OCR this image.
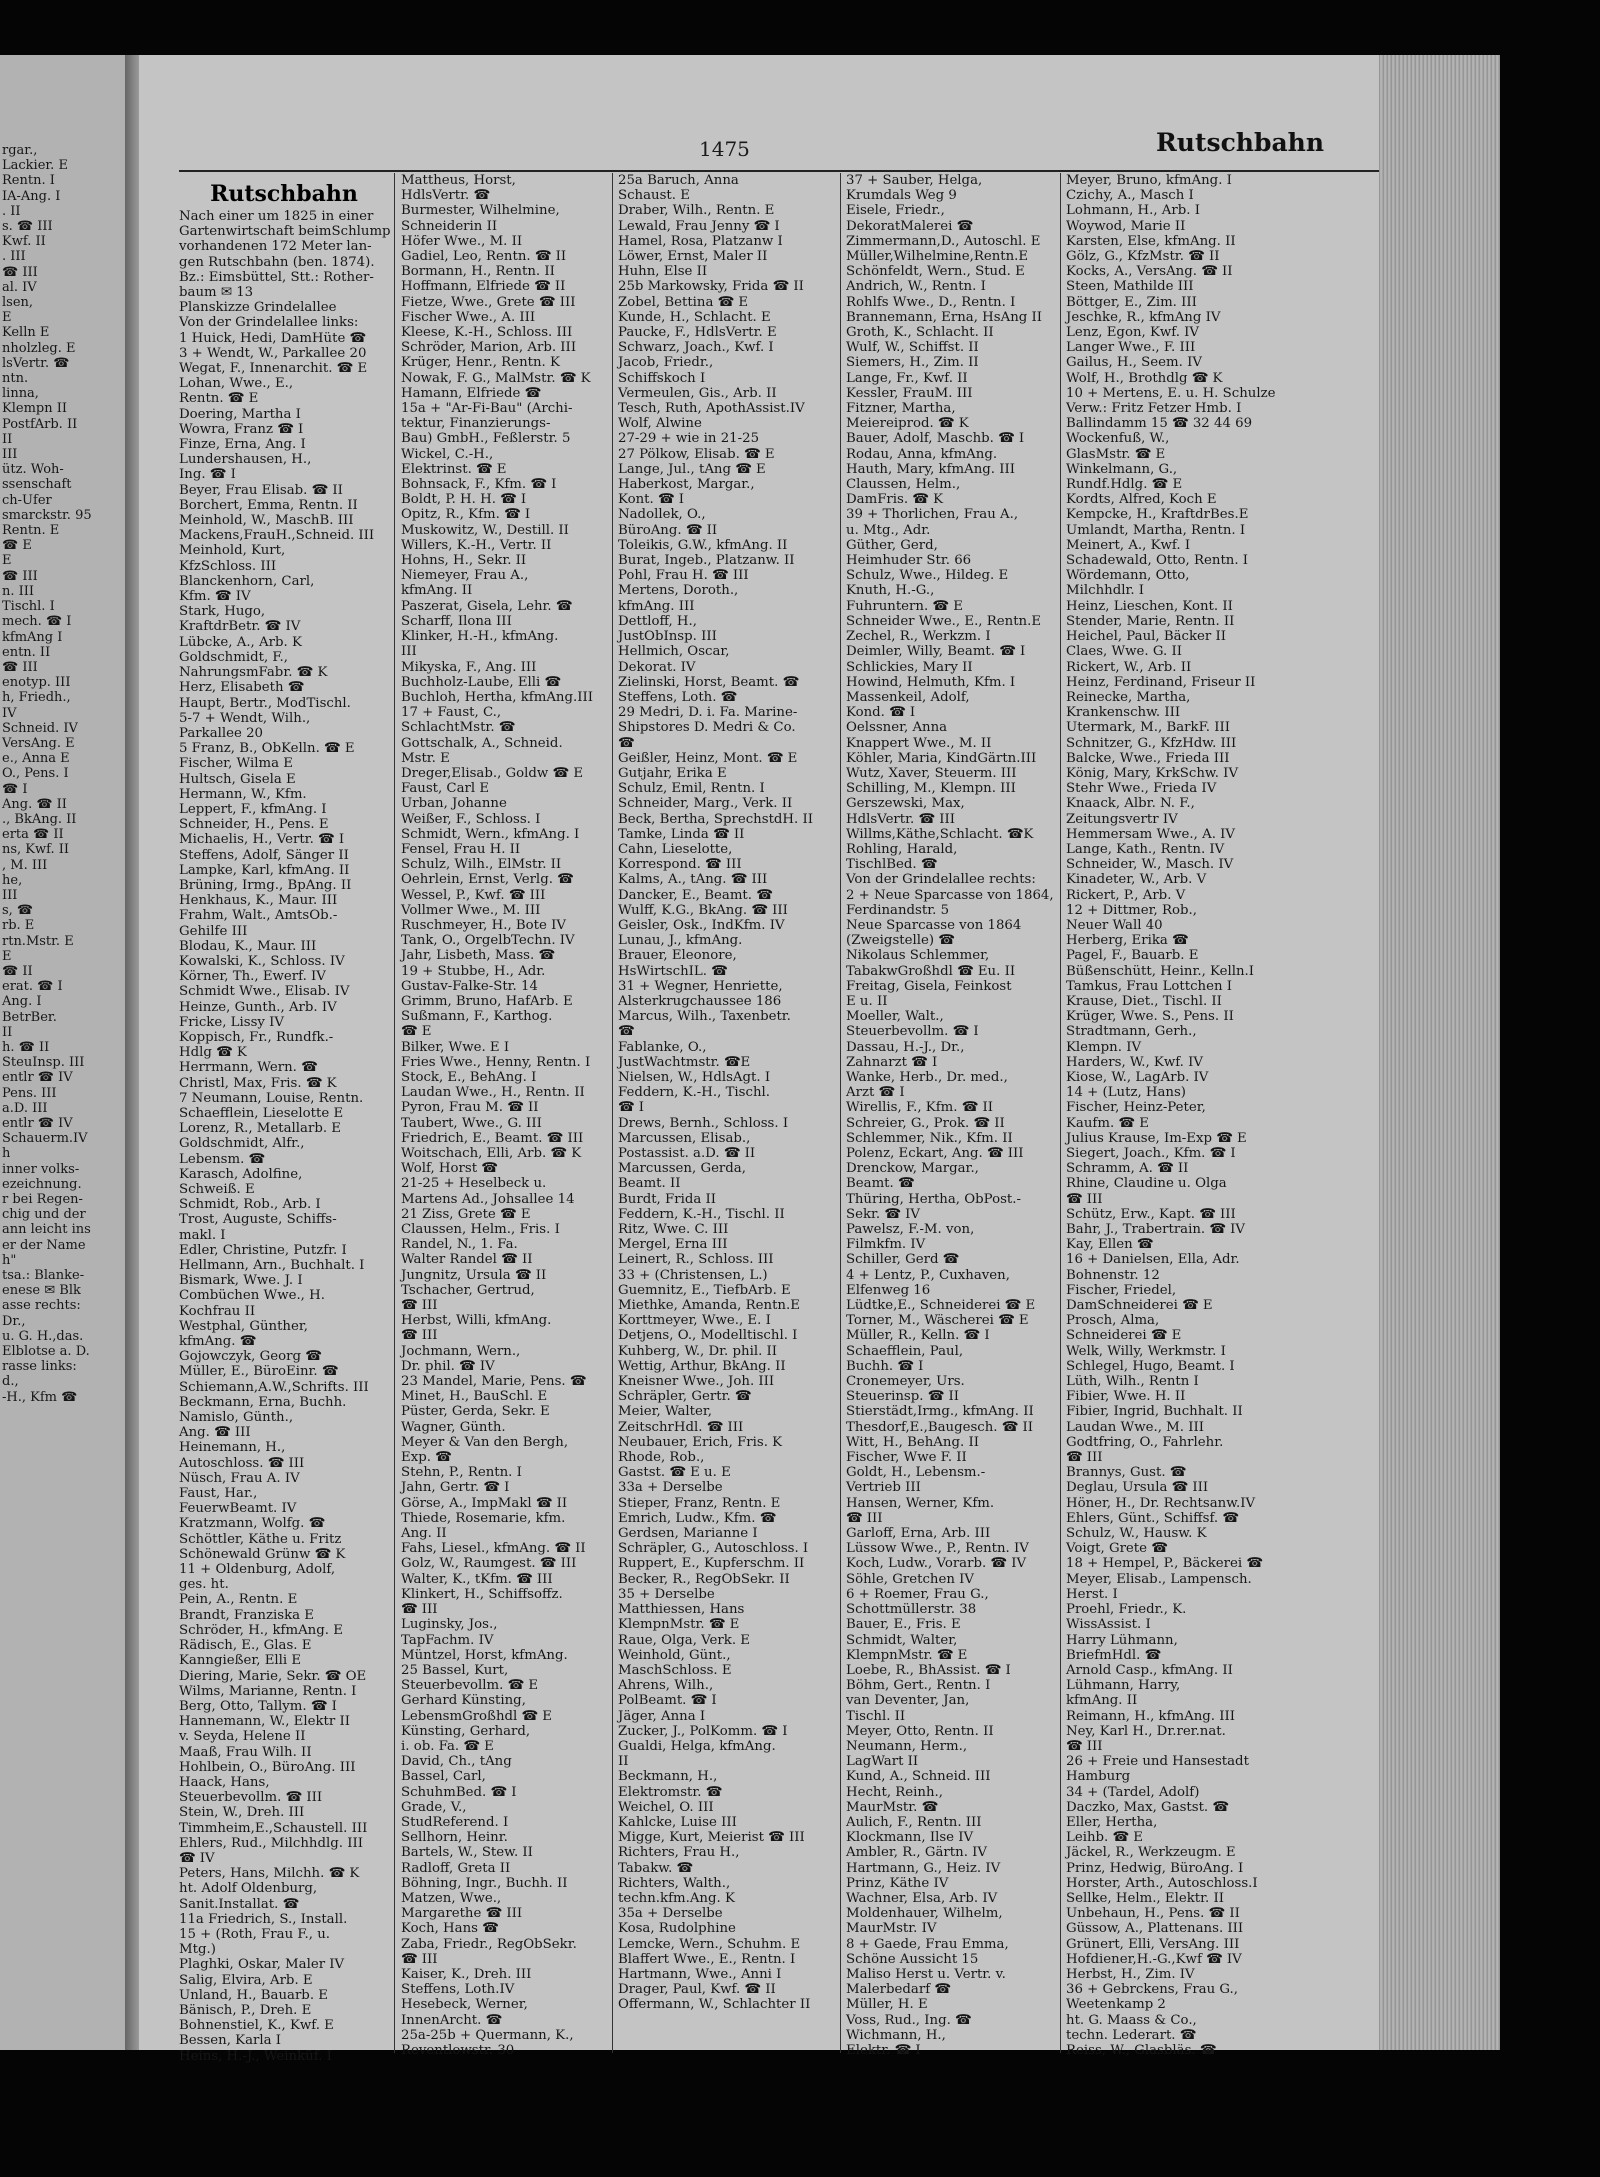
rgar.,
Lackier. E
Rentn. I
IA-Ang. I
. II
s. ☎ III
Kwf. II
. III
☎ III
al. IV
lsen,
E
Kelln E
nholzleg. E
lsVertr. ☎
ntn.
linna,
Klempn II
PostfArb. II
II
III
ütz. Woh-
ssenschaft
ch-Ufer
smarckstr. 95
Rentn. E
☎ E
E
☎ III
n. III
Tischl. I
mech. ☎ I
kfmAng I
entn. II
☎ III
enotyp. III
h, Friedh.,
IV
Schneid. IV
VersAng. E
e., Anna E
O., Pens. I
☎ I
Ang. ☎ II
., BkAng. II
erta ☎ II
ns, Kwf. II
, M. III
he,
III
s, ☎
rb. E
rtn.Mstr. E
E
☎ II
erat. ☎ I
Ang. I
BetrBer.
II
h. ☎ II
SteuInsp. III
entlr ☎ IV
Pens. III
a.D. III
entlr ☎ IV
Schauerm.IV
h
inner volks-
ezeichnung.
r bei Regen-
chig und der
ann leicht ins
er der Name
h"
tsa.: Blanke-
enese ✉ Blk
asse rechts:
Dr.,
u. G. H.,das.
Elblotse a. D.
rasse links:
d.,
-H., Kfm ☎
1475	Rutschbahn
Rutschbahn
Nach einer um 1825 in einer
Gartenwirtschaft beimSchlump
vorhandenen 172 Meter lan-
gen Rutschbahn (ben. 1874).
Bz.: Eimsbüttel, Stt.: Rother-
baum ✉ 13
Planskizze Grindelallee
Von der Grindelallee links:
1 Huick, Hedi, DamHüte ☎
3 + Wendt, W., Parkallee 20
Wegat, F., Innenarchit. ☎ E
Lohan, Wwe., E.,
Rentn. ☎ E
Doering, Martha I
Wowra, Franz ☎ I
Finze, Erna, Ang. I
Lundershausen, H.,
Ing. ☎ I
Beyer, Frau Elisab. ☎ II
Borchert, Emma, Rentn. II
Meinhold, W., MaschB. III
Mackens,FrauH.,Schneid. III
Meinhold, Kurt,
KfzSchloss. III
Blanckenhorn, Carl,
Kfm. ☎ IV
Stark, Hugo,
KraftdrBetr. ☎ IV
Lübcke, A., Arb. K
Goldschmidt, F.,
NahrungsmFabr. ☎ K
Herz, Elisabeth ☎
Haupt, Bertr., ModTischl.
5-7 + Wendt, Wilh.,
Parkallee 20
5 Franz, B., ObKelln. ☎ E
Fischer, Wilma E
Hultsch, Gisela E
Hermann, W., Kfm.
Leppert, F., kfmAng. I
Schneider, H., Pens. E
Michaelis, H., Vertr. ☎ I
Steffens, Adolf, Sänger II
Lampke, Karl, kfmAng. II
Brüning, Irmg., BpAng. II
Henkhaus, K., Maur. III
Frahm, Walt., AmtsOb.-
Gehilfe III
Blodau, K., Maur. III
Kowalski, K., Schloss. IV
Körner, Th., Ewerf. IV
Schmidt Wwe., Elisab. IV
Heinze, Gunth., Arb. IV
Fricke, Lissy IV
Koppisch, Fr., Rundfk.-
Hdlg ☎ K
Herrmann, Wern. ☎
Christl, Max, Fris. ☎ K
7 Neumann, Louise, Rentn.
Schaefflein, Lieselotte E
Lorenz, R., Metallarb. E
Goldschmidt, Alfr.,
Lebensm. ☎
Karasch, Adolfine,
Schweiß. E
Schmidt, Rob., Arb. I
Trost, Auguste, Schiffs-
makl. I
Edler, Christine, Putzfr. I
Hellmann, Arn., Buchhalt. I
Bismark, Wwe. J. I
Combüchen Wwe., H.
Kochfrau II
Westphal, Günther,
kfmAng. ☎
Gojowczyk, Georg ☎
Müller, E., BüroEinr. ☎
Schiemann,A.W.,Schrifts. III
Beckmann, Erna, Buchh.
Namislo, Günth.,
Ang. ☎ III
Heinemann, H.,
Autoschloss. ☎ III
Nüsch, Frau A. IV
Faust, Har.,
FeuerwBeamt. IV
Kratzmann, Wolfg. ☎
Schöttler, Käthe u. Fritz
Schönewald Grünw ☎ K
11 + Oldenburg, Adolf,
ges. ht.
Pein, A., Rentn. E
Brandt, Franziska E
Schröder, H., kfmAng. E
Rädisch, E., Glas. E
Kanngießer, Elli E
Diering, Marie, Sekr. ☎ OE
Wilms, Marianne, Rentn. I
Berg, Otto, Tallym. ☎ I
Hannemann, W., Elektr II
v. Seyda, Helene II
Maaß, Frau Wilh. II
Hohlbein, O., BüroAng. III
Haack, Hans,
Steuerbevollm. ☎ III
Stein, W., Dreh. III
Timmheim,E.,Schaustell. III
Ehlers, Rud., Milchhdlg. III
☎ IV
Peters, Hans, Milchh. ☎ K
ht. Adolf Oldenburg,
Sanit.Installat. ☎
11a Friedrich, S., Install.
15 + (Roth, Frau F., u.
Mtg.)
Plaghki, Oskar, Maler IV
Salig, Elvira, Arb. E
Unland, H., Bauarb. E
Bänisch, P., Dreh. E
Bohnenstiel, K., Kwf. E
Bessen, Karla I
Heins, H.-J., Weinküf. I
Mattheus, Horst,
HdlsVertr. ☎
Burmester, Wilhelmine,
Schneiderin II
Höfer Wwe., M. II
Gadiel, Leo, Rentn. ☎ II
Bormann, H., Rentn. II
Hoffmann, Elfriede ☎ II
Fietze, Wwe., Grete ☎ III
Fischer Wwe., A. III
Kleese, K.-H., Schloss. III
Schröder, Marion, Arb. III
Krüger, Henr., Rentn. K
Nowak, F. G., MalMstr. ☎ K
Hamann, Elfriede ☎
15a + "Ar-Fi-Bau" (Archi-
tektur, Finanzierungs-
Bau) GmbH., Feßlerstr. 5
Wickel, C.-H.,
Elektrinst. ☎ E
Bohnsack, F., Kfm. ☎ I
Boldt, P. H. H. ☎ I
Opitz, R., Kfm. ☎ I
Muskowitz, W., Destill. II
Willers, K.-H., Vertr. II
Hohns, H., Sekr. II
Niemeyer, Frau A.,
kfmAng. II
Paszerat, Gisela, Lehr. ☎
Scharff, Ilona III
Klinker, H.-H., kfmAng.
III
Mikyska, F., Ang. III
Buchholz-Laube, Elli ☎
Buchloh, Hertha, kfmAng.III
17 + Faust, C.,
SchlachtMstr. ☎
Gottschalk, A., Schneid.
Mstr. E
Dreger,Elisab., Goldw ☎ E
Faust, Carl E
Urban, Johanne
Weißer, F., Schloss. I
Schmidt, Wern., kfmAng. I
Fensel, Frau H. II
Schulz, Wilh., ElMstr. II
Oehrlein, Ernst, Verlg. ☎
Wessel, P., Kwf. ☎ III
Vollmer Wwe., M. III
Ruschmeyer, H., Bote IV
Tank, O., OrgelbTechn. IV
Jahr, Lisbeth, Mass. ☎
19 + Stubbe, H., Adr.
Gustav-Falke-Str. 14
Grimm, Bruno, HafArb. E
Sußmann, F., Karthog.
☎ E
Bilker, Wwe. E I
Fries Wwe., Henny, Rentn. I
Stock, E., BehAng. I
Laudan Wwe., H., Rentn. II
Pyron, Frau M. ☎ II
Taubert, Wwe., G. III
Friedrich, E., Beamt. ☎ III
Woitschach, Elli, Arb. ☎ K
Wolf, Horst ☎
21-25 + Heselbeck u.
Martens Ad., Johsallee 14
21 Ziss, Grete ☎ E
Claussen, Helm., Fris. I
Randel, N., 1. Fa.
Walter Randel ☎ II
Jungnitz, Ursula ☎ II
Tschacher, Gertrud,
☎ III
Herbst, Willi, kfmAng.
☎ III
Jochmann, Wern.,
Dr. phil. ☎ IV
23 Mandel, Marie, Pens. ☎
Minet, H., BauSchl. E
Püster, Gerda, Sekr. E
Wagner, Günth.
Meyer & Van den Bergh,
Exp. ☎
Stehn, P., Rentn. I
Jahn, Gertr. ☎ I
Görse, A., ImpMakl ☎ II
Thiede, Rosemarie, kfm.
Ang. II
Fahs, Liesel., kfmAng. ☎ II
Golz, W., Raumgest. ☎ III
Walter, K., tKfm. ☎ III
Klinkert, H., Schiffsoffz.
☎ III
Luginsky, Jos.,
TapFachm. IV
Müntzel, Horst, kfmAng.
25 Bassel, Kurt,
Steuerbevollm. ☎ E
Gerhard Künsting,
LebensmGroßhdl ☎ E
Künsting, Gerhard,
i. ob. Fa. ☎ E
David, Ch., tAng
Bassel, Carl,
SchuhmBed. ☎ I
Grade, V.,
StudReferend. I
Sellhorn, Heinr.
Bartels, W., Stew. II
Radloff, Greta II
Böhning, Ingr., Buchh. II
Matzen, Wwe.,
Margarethe ☎ III
Koch, Hans ☎
Zaba, Friedr., RegObSekr.
☎ III
Kaiser, K., Dreh. III
Steffens, Loth.IV
Hesebeck, Werner,
InnenArcht. ☎
25a-25b + Quermann, K.,
Reventlowstr. 30
25a Baruch, Anna
Schaust. E
Draber, Wilh., Rentn. E
Lewald, Frau Jenny ☎ I
Hamel, Rosa, Platzanw I
Löwer, Ernst, Maler II
Huhn, Else II
25b Markowsky, Frida ☎ II
Zobel, Bettina ☎ E
Kunde, H., Schlacht. E
Paucke, F., HdlsVertr. E
Schwarz, Joach., Kwf. I
Jacob, Friedr.,
Schiffskoch I
Vermeulen, Gis., Arb. II
Tesch, Ruth, ApothAssist.IV
Wolf, Alwine
27-29 + wie in 21-25
27 Pölkow, Elisab. ☎ E
Lange, Jul., tAng ☎ E
Haberkost, Margar.,
Kont. ☎ I
Nadollek, O.,
BüroAng. ☎ II
Toleikis, G.W., kfmAng. II
Burat, Ingeb., Platzanw. II
Pohl, Frau H. ☎ III
Mertens, Doroth.,
kfmAng. III
Dettloff, H.,
JustObInsp. III
Hellmich, Oscar,
Dekorat. IV
Zielinski, Horst, Beamt. ☎
Steffens, Loth. ☎
29 Medri, D. i. Fa. Marine-
Shipstores D. Medri & Co.
☎
Geißler, Heinz, Mont. ☎ E
Gutjahr, Erika E
Schulz, Emil, Rentn. I
Schneider, Marg., Verk. II
Beck, Bertha, SprechstdH. II
Tamke, Linda ☎ II
Cahn, Lieselotte,
Korrespond. ☎ III
Kalms, A., tAng. ☎ III
Dancker, E., Beamt. ☎
Wulff, K.G., BkAng. ☎ III
Geisler, Osk., IndKfm. IV
Lunau, J., kfmAng.
Brauer, Eleonore,
HsWirtschIL. ☎
31 + Wegner, Henriette,
Alsterkrugchaussee 186
Marcus, Wilh., Taxenbetr.
☎
Fablanke, O.,
JustWachtmstr. ☎E
Nielsen, W., HdlsAgt. I
Feddern, K.-H., Tischl.
☎ I
Drews, Bernh., Schloss. I
Marcussen, Elisab.,
Postassist. a.D. ☎ II
Marcussen, Gerda,
Beamt. II
Burdt, Frida II
Feddern, K.-H., Tischl. II
Ritz, Wwe. C. III
Mergel, Erna III
Leinert, R., Schloss. III
33 + (Christensen, L.)
Guemnitz, E., TiefbArb. E
Miethke, Amanda, Rentn.E
Korttmeyer, Wwe., E. I
Detjens, O., Modelltischl. I
Kuhberg, W., Dr. phil. II
Wettig, Arthur, BkAng. II
Kneisner Wwe., Joh. III
Schräpler, Gertr. ☎
Meier, Walter,
ZeitschrHdl. ☎ III
Neubauer, Erich, Fris. K
Rhode, Rob.,
Gastst. ☎ E u. E
33a + Derselbe
Stieper, Franz, Rentn. E
Emrich, Ludw., Kfm. ☎
Gerdsen, Marianne I
Schräpler, G., Autoschloss. I
Ruppert, E., Kupferschm. II
Becker, R., RegObSekr. II
35 + Derselbe
Matthiessen, Hans
KlempnMstr. ☎ E
Raue, Olga, Verk. E
Weinhold, Günt.,
MaschSchloss. E
Ahrens, Wilh.,
PolBeamt. ☎ I
Jäger, Anna I
Zucker, J., PolKomm. ☎ I
Gualdi, Helga, kfmAng.
II
Beckmann, H.,
Elektromstr. ☎
Weichel, O. III
Kahlcke, Luise III
Migge, Kurt, Meierist ☎ III
Richters, Frau H.,
Tabakw. ☎
Richters, Walth.,
techn.kfm.Ang. K
35a + Derselbe
Kosa, Rudolphine
Lemcke, Wern., Schuhm. E
Blaffert Wwe., E., Rentn. I
Hartmann, Wwe., Anni I
Drager, Paul, Kwf. ☎ II
Offermann, W., Schlachter II
37 + Sauber, Helga,
Krumdals Weg 9
Eisele, Friedr.,
DekoratMalerei ☎
Zimmermann,D., Autoschl. E
Müller,Wilhelmine,Rentn.E
Schönfeldt, Wern., Stud. E
Andrich, W., Rentn. I
Rohlfs Wwe., D., Rentn. I
Brannemann, Erna, HsAng II
Groth, K., Schlacht. II
Wulf, W., Schiffst. II
Siemers, H., Zim. II
Lange, Fr., Kwf. II
Kessler, FrauM. III
Fitzner, Martha,
Meiereiprod. ☎ K
Bauer, Adolf, Maschb. ☎ I
Rodau, Anna, kfmAng.
Hauth, Mary, kfmAng. III
Claussen, Helm.,
DamFris. ☎ K
39 + Thorlichen, Frau A.,
u. Mtg., Adr.
Güther, Gerd,
Heimhuder Str. 66
Schulz, Wwe., Hildeg. E
Knuth, H.-G.,
Fuhruntern. ☎ E
Schneider Wwe., E., Rentn.E
Zechel, R., Werkzm. I
Deimler, Willy, Beamt. ☎ I
Schlickies, Mary II
Howind, Helmuth, Kfm. I
Massenkeil, Adolf,
Kond. ☎ I
Oelssner, Anna
Knappert Wwe., M. II
Köhler, Maria, KindGärtn.III
Wutz, Xaver, Steuerm. III
Schilling, M., Klempn. III
Gerszewski, Max,
HdlsVertr. ☎ III
Willms,Käthe,Schlacht. ☎K
Rohling, Harald,
TischlBed. ☎
Von der Grindelallee rechts:
2 + Neue Sparcasse von 1864,
Ferdinandstr. 5
Neue Sparcasse von 1864
(Zweigstelle) ☎
Nikolaus Schlemmer,
TabakwGroßhdl ☎ Eu. II
Freitag, Gisela, Feinkost
E u. II
Moeller, Walt.,
Steuerbevollm. ☎ I
Dassau, H.-J., Dr.,
Zahnarzt ☎ I
Wanke, Herb., Dr. med.,
Arzt ☎ I
Wirellis, F., Kfm. ☎ II
Schreier, G., Prok. ☎ II
Schlemmer, Nik., Kfm. II
Polenz, Eckart, Ang. ☎ III
Drenckow, Margar.,
Beamt. ☎
Thüring, Hertha, ObPost.-
Sekr. ☎ IV
Pawelsz, F.-M. von,
Filmkfm. IV
Schiller, Gerd ☎
4 + Lentz, P., Cuxhaven,
Elfenweg 16
Lüdtke,E., Schneiderei ☎ E
Torner, M., Wäscherei ☎ E
Müller, R., Kelln. ☎ I
Schaefflein, Paul,
Buchh. ☎ I
Cronemeyer, Urs.
Steuerinsp. ☎ II
Stierstädt,Irmg., kfmAng. II
Thesdorf,E.,Baugesch. ☎ II
Witt, H., BehAng. II
Fischer, Wwe F. II
Goldt, H., Lebensm.-
Vertrieb III
Hansen, Werner, Kfm.
☎ III
Garloff, Erna, Arb. III
Lüssow Wwe., P., Rentn. IV
Koch, Ludw., Vorarb. ☎ IV
Söhle, Gretchen IV
6 + Roemer, Frau G.,
Schottmüllerstr. 38
Bauer, E., Fris. E
Schmidt, Walter,
KlempnMstr. ☎ E
Loebe, R., BhAssist. ☎ I
Böhm, Gert., Rentn. I
van Deventer, Jan,
Tischl. II
Meyer, Otto, Rentn. II
Neumann, Herm.,
LagWart II
Kund, A., Schneid. III
Hecht, Reinh.,
MaurMstr. ☎
Aulich, F., Rentn. III
Klockmann, Ilse IV
Ambler, R., Gärtn. IV
Hartmann, G., Heiz. IV
Prinz, Käthe IV
Wachner, Elsa, Arb. IV
Moldenhauer, Wilhelm,
MaurMstr. IV
8 + Gaede, Frau Emma,
Schöne Aussicht 15
Maliso Herst u. Vertr. v.
Malerbedarf ☎
Müller, H. E
Voss, Rud., Ing. ☎
Wichmann, H.,
Elektr. ☎ I
Meyer, Bruno, kfmAng. I
Czichy, A., Masch I
Lohmann, H., Arb. I
Woywod, Marie II
Karsten, Else, kfmAng. II
Gölz, G., KfzMstr. ☎ II
Kocks, A., VersAng. ☎ II
Steen, Mathilde III
Böttger, E., Zim. III
Jeschke, R., kfmAng IV
Lenz, Egon, Kwf. IV
Langer Wwe., F. III
Gailus, H., Seem. IV
Wolf, H., Brothdlg ☎ K
10 + Mertens, E. u. H. Schulze
Verw.: Fritz Fetzer Hmb. I
Ballindamm 15 ☎ 32 44 69
Wockenfuß, W.,
GlasMstr. ☎ E
Winkelmann, G.,
Rundf.Hdlg. ☎ E
Kordts, Alfred, Koch E
Kempcke, H., KraftdrBes.E
Umlandt, Martha, Rentn. I
Meinert, A., Kwf. I
Schadewald, Otto, Rentn. I
Wördemann, Otto,
Milchhdlr. I
Heinz, Lieschen, Kont. II
Stender, Marie, Rentn. II
Heichel, Paul, Bäcker II
Claes, Wwe. G. II
Rickert, W., Arb. II
Heinz, Ferdinand, Friseur II
Reinecke, Martha,
Krankenschw. III
Utermark, M., BarkF. III
Schnitzer, G., KfzHdw. III
Balcke, Wwe., Frieda III
König, Mary, KrkSchw. IV
Stehr Wwe., Frieda IV
Knaack, Albr. N. F.,
Zeitungsvertr IV
Hemmersam Wwe., A. IV
Lange, Kath., Rentn. IV
Schneider, W., Masch. IV
Kinadeter, W., Arb. V
Rickert, P., Arb. V
12 + Dittmer, Rob.,
Neuer Wall 40
Herberg, Erika ☎
Pagel, F., Bauarb. E
Büßenschütt, Heinr., Kelln.I
Tamkus, Frau Lottchen I
Krause, Diet., Tischl. II
Krüger, Wwe. S., Pens. II
Stradtmann, Gerh.,
Klempn. IV
Harders, W., Kwf. IV
Kiose, W., LagArb. IV
14 + (Lutz, Hans)
Fischer, Heinz-Peter,
Kaufm. ☎ E
Julius Krause, Im-Exp ☎ E
Siegert, Joach., Kfm. ☎ I
Schramm, A. ☎ II
Rhine, Claudine u. Olga
☎ III
Schütz, Erw., Kapt. ☎ III
Bahr, J., Trabertrain. ☎ IV
Kay, Ellen ☎
16 + Danielsen, Ella, Adr.
Bohnenstr. 12
Fischer, Friedel,
DamSchneiderei ☎ E
Prosch, Alma,
Schneiderei ☎ E
Welk, Willy, Werkmstr. I
Schlegel, Hugo, Beamt. I
Lüth, Wilh., Rentn I
Fibier, Wwe. H. II
Fibier, Ingrid, Buchhalt. II
Laudan Wwe., M. III
Godtfring, O., Fahrlehr.
☎ III
Brannys, Gust. ☎
Deglau, Ursula ☎ III
Höner, H., Dr. Rechtsanw.IV
Ehlers, Günt., Schiffsf. ☎
Schulz, W., Hausw. K
Voigt, Grete ☎
18 + Hempel, P., Bäckerei ☎
Meyer, Elisab., Lampensch.
Herst. I
Proehl, Friedr., K.
WissAssist. I
Harry Lühmann,
BriefmHdl. ☎
Arnold Casp., kfmAng. II
Lühmann, Harry,
kfmAng. II
Reimann, H., kfmAng. III
Ney, Karl H., Dr.rer.nat.
☎ III
26 + Freie und Hansestadt
Hamburg
34 + (Tardel, Adolf)
Daczko, Max, Gastst. ☎
Eller, Hertha,
Leihb. ☎ E
Jäckel, R., Werkzeugm. E
Prinz, Hedwig, BüroAng. I
Horster, Arth., Autoschloss.I
Sellke, Helm., Elektr. II
Unbehaun, H., Pens. ☎ II
Güssow, A., Plattenans. III
Grünert, Elli, VersAng. III
Hofdiener,H.-G.,Kwf ☎ IV
Herbst, H., Zim. IV
36 + Gebrckens, Frau G.,
Weetenkamp 2
ht. G. Maass & Co.,
techn. Lederart. ☎
Reiss, W., Glasbläs. ☎
